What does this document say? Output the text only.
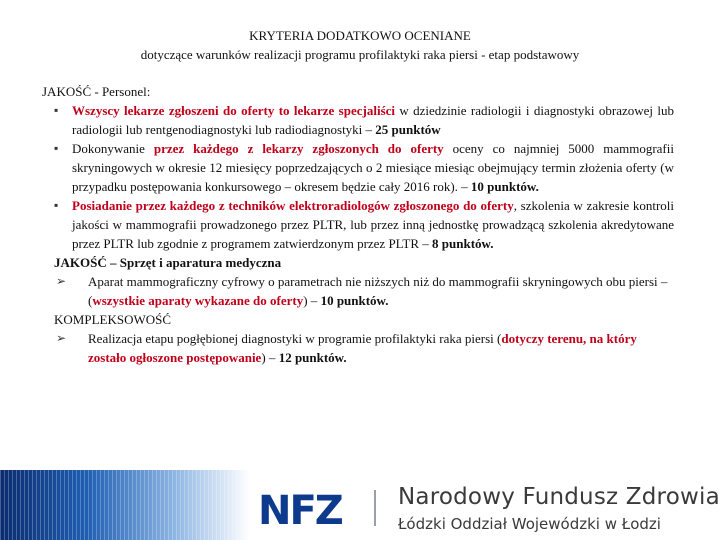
KRYTERIA DODATKOWO OCENIANE
dotyczące warunków realizacji programu profilaktyki raka piersi - etap podstawowy
JAKOŚĆ - Personel:
▪ Wszyscy lekarze zgłoszeni do oferty to lekarze specjaliści w dziedzinie radiologii i diagnostyki obrazowej lub radiologii lub rentgenodiagnostyki lub radiodiagnostyki – 25 punktów
▪ Dokonywanie przez każdego z lekarzy zgłoszonych do oferty oceny co najmniej 5000 mammografii skryningowych w okresie 12 miesięcy poprzedzających o 2 miesiące miesiąc obejmujący termin złożenia oferty (w przypadku postępowania konkursowego – okresem będzie cały 2016 rok). – 10 punktów.
▪ Posiadanie przez każdego z techników elektroradiologów zgłoszonego do oferty, szkolenia w zakresie kontroli jakości w mammografii prowadzonego przez PLTR, lub przez inną jednostkę prowadzącą szkolenia akredytowane przez PLTR lub zgodnie z programem zatwierdzonym przez PLTR – 8 punktów.
JAKOŚĆ – Sprzęt i aparatura medyczna
➢ Aparat mammograficzny cyfrowy o parametrach nie niższych niż do mammografii skryningowych obu piersi – (wszystkie aparaty wykazane do oferty) – 10 punktów.
KOMPLEKSOWOŚĆ
➢ Realizacja etapu pogłębionej diagnostyki w programie profilaktyki raka piersi (dotyczy terenu, na który zostało ogłoszone postępowanie) – 12 punktów.
NFZ Narodowy Fundusz Zdrowia
Łódzki Oddział Wojewódzki w Łodzi
